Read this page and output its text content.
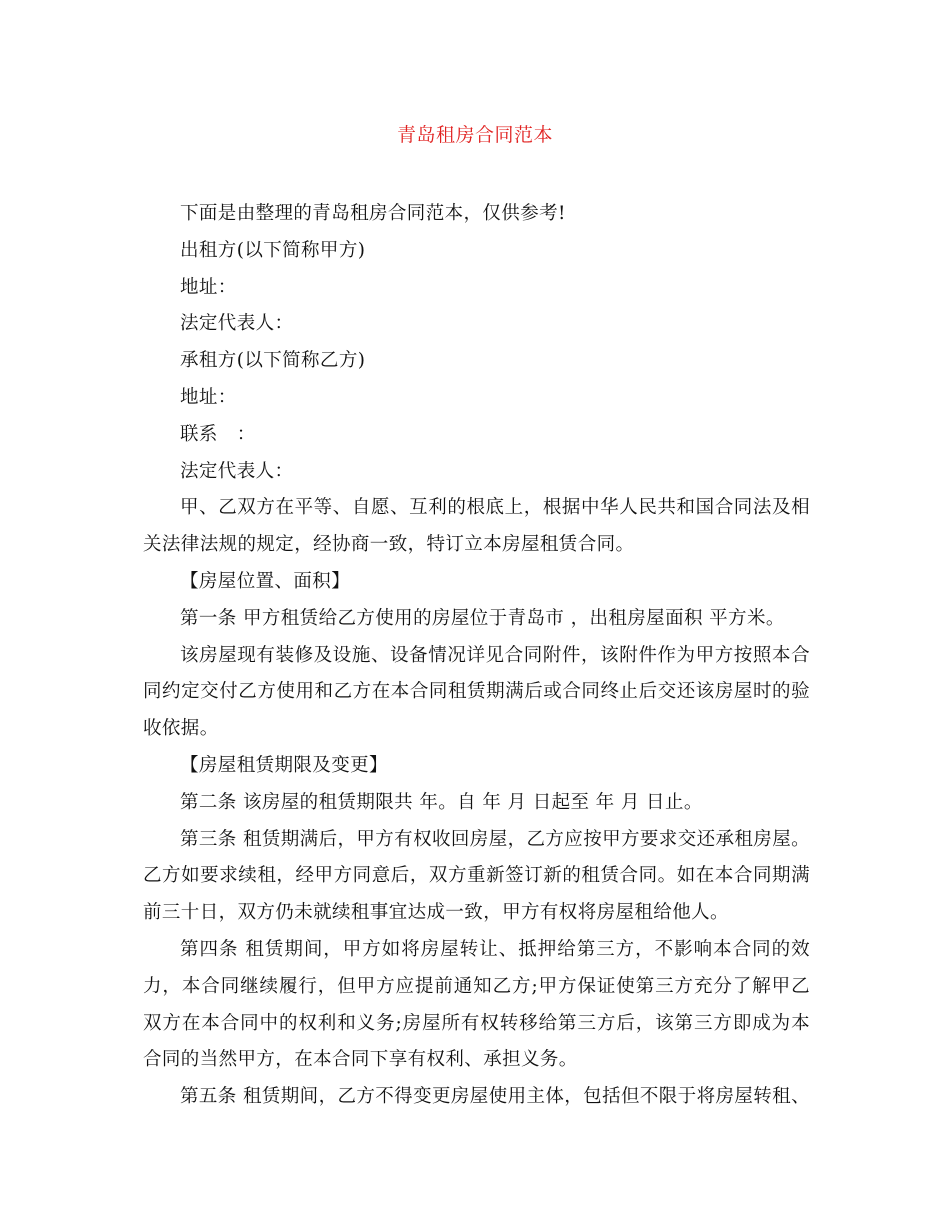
青岛租房合同范本

下面是由整理的青岛租房合同范本，仅供参考!

出租方(以下简称甲方)

地址：

法定代表人：

承租方(以下简称乙方)

地址：

联系　：

法定代表人：

甲、乙双方在平等、自愿、互利的根底上，根据中华人民共和国合同法及相关法律法规的规定，经协商一致，特订立本房屋租赁合同。

【房屋位置、面积】

第一条 甲方租赁给乙方使用的房屋位于青岛市 ，出租房屋面积 平方米。

该房屋现有装修及设施、设备情况详见合同附件，该附件作为甲方按照本合同约定交付乙方使用和乙方在本合同租赁期满后或合同终止后交还该房屋时的验收依据。

【房屋租赁期限及变更】

第二条 该房屋的租赁期限共 年。自 年 月 日起至 年 月 日止。

第三条 租赁期满后，甲方有权收回房屋，乙方应按甲方要求交还承租房屋。乙方如要求续租，经甲方同意后，双方重新签订新的租赁合同。如在本合同期满前三十日，双方仍未就续租事宜达成一致，甲方有权将房屋租给他人。

第四条 租赁期间，甲方如将房屋转让、抵押给第三方，不影响本合同的效力，本合同继续履行，但甲方应提前通知乙方;甲方保证使第三方充分了解甲乙双方在本合同中的权利和义务;房屋所有权转移给第三方后，该第三方即成为本合同的当然甲方，在本合同下享有权利、承担义务。

第五条 租赁期间，乙方不得变更房屋使用主体，包括但不限于将房屋转租、
